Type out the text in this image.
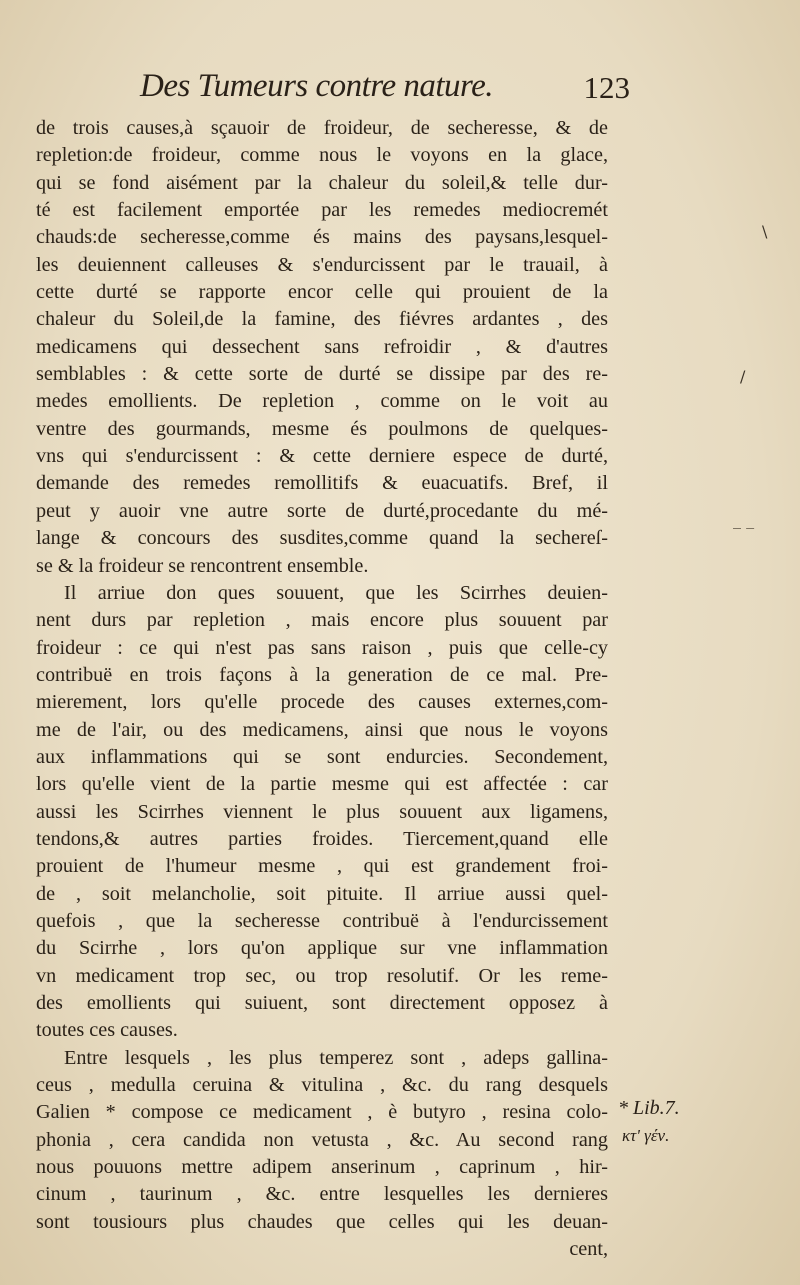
Des Tumeurs contre nature.	123
de trois causes,à sçauoir de froideur, de secheresse, & de
repletion:de froideur, comme nous le voyons en la glace,
qui se fond aisément par la chaleur du soleil,& telle dur-
té est facilement emportée par les remedes mediocremét
chauds:de secheresse,comme és mains des paysans,lesquel-
les deuiennent calleuses & s'endurcissent par le trauail, à
cette durté se rapporte encor celle qui prouient de la
chaleur du Soleil,de la famine, des fiévres ardantes , des
medicamens qui dessechent sans refroidir , & d'autres
semblables : & cette sorte de durté se dissipe par des re-
medes emollients. De repletion , comme on le voit au
ventre des gourmands, mesme és poulmons de quelques-
vns qui s'endurcissent : & cette derniere espece de durté,
demande des remedes remollitifs & euacuatifs. Bref, il
peut y auoir vne autre sorte de durté,procedante du mé-
lange & concours des susdites,comme quand la sechereſ-
se & la froideur se rencontrent ensemble.
Il arriue don ques souuent, que les Scirrhes deuien-
nent durs par repletion , mais encore plus souuent par
froideur : ce qui n'est pas sans raison , puis que celle-cy
contribuë en trois façons à la generation de ce mal. Pre-
mierement, lors qu'elle procede des causes externes,com-
me de l'air, ou des medicamens, ainsi que nous le voyons
aux inflammations qui se sont endurcies. Secondement,
lors qu'elle vient de la partie mesme qui est affectée : car
aussi les Scirrhes viennent le plus souuent aux ligamens,
tendons,& autres parties froides. Tiercement,quand elle
prouient de l'humeur mesme , qui est grandement froi-
de , soit melancholie, soit pituite. Il arriue aussi quel-
quefois , que la secheresse contribuë à l'endurcissement
du Scirrhe , lors qu'on applique sur vne inflammation
vn medicament trop sec, ou trop resolutif. Or les reme-
des emollients qui suiuent, sont directement opposez à
toutes ces causes.
Entre lesquels , les plus temperez sont , adeps gallina-
ceus , medulla ceruina & vitulina , &c. du rang desquels
Galien * compose ce medicament , è butyro , resina colo-
phonia , cera candida non vetusta , &c. Au second rang
nous pouuons mettre adipem anserinum , caprinum , hir-
cinum , taurinum , &c. entre lesquelles les dernieres
sont tousiours plus chaudes que celles qui les deuan-
cent,
* Lib.7.
κτ' γέν.
\
/
_ _
